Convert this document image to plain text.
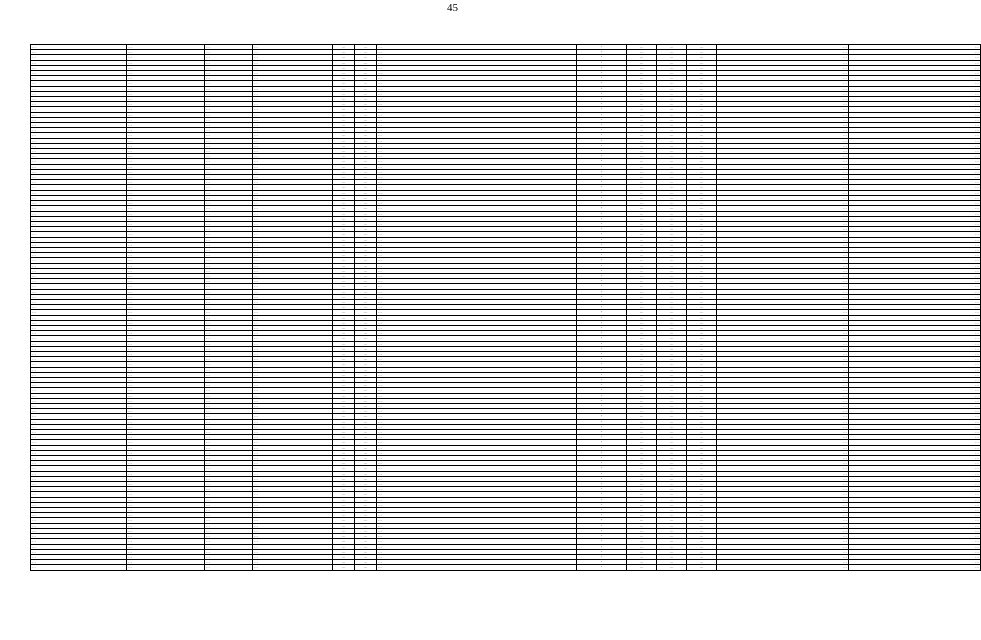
45
…	…	…	…	…	…	…	-	…	…	…	…	…
…	…	…	…	…	…	…	-	…	…	…	…	…
…	…	…	…	…	…	…	-	…	…	…	…	…
…	…	…	…	…	…	…	-	…	…	…	…	…
…	…	…	…	…	…	…	-	…	…	…	…	…
…	…	…	…	…	…	…	-	…	…	…	…	…
…	…	…	…	…	…	…	-	…	…	…	…	…
…	…	…	…	…	…	…	-	…	…	…	…	…
…	…	…	…	…	…	…	-	…	…	…	…	…
…	…	…	…	…	…	…	-	…	…	…	…	…
…	…	…	…	…	…	…	-	…	…	…	…	…
…	…	…	…	…	…	…	-	…	…	…	…	…
…	…	…	…	…	…	…	-	…	…	…	…	…
…	…	…	…	…	…	…	-	…	…	…	…	…
…	…	…	…	…	…	…	-	…	…	…	…	…
…	…	…	…	…	…	…	-	…	…	…	…	…
…	…	…	…	…	…	…	-	…	…	…	…	…
…	…	…	…	…	…	…	-	…	…	…	…	…
…	…	…	…	…	…	…	-	…	…	…	…	…
…	…	…	…	…	…	…	-	…	…	…	…	…
…	…	…	…	…	…	…	-	…	…	…	…	…
…	…	…	…	…	…	…	-	…	…	…	…	…
…	…	…	…	…	…	…	-	…	…	…	…	…
…	…	…	…	…	…	…	-	…	…	…	…	…
…	…	…	…	…	…	…	-	…	…	…	…	…
…	…	…	…	…	…	…	-	…	…	…	…	…
…	…	…	…	…	…	…	-	…	…	…	…	…
…	…	…	…	…	…	…	-	…	…	…	…	…
…	…	…	…	…	…	…	-	…	…	…	…	…
…	…	…	…	…	…	…	-	…	…	…	…	…
…	…	…	…	…	…	…	-	…	…	…	…	…
…	…	…	…	…	…	…	-	…	…	…	…	…
…	…	…	…	…	…	…	-	…	…	…	…	…
…	…	…	…	…	…	…	-	…	…	…	…	…
…	…	…	…	…	…	…	-	…	…	…	…	…
…	…	…	…	…	…	…	-	…	…	…	…	…
…	…	…	…	…	…	…	-	…	…	…	…	…
…	…	…	…	…	…	…	-	…	…	…	…	…
…	…	…	…	…	…	…	-	…	…	…	…	…
…	…	…	…	…	…	…	-	…	…	…	…	…
…	…	…	…	…	…	…	-	…	…	…	…	…
…	…	…	…	…	…	…	-	…	…	…	…	…
…	…	…	…	…	…	…	-	…	…	…	…	…
…	…	…	…	…	…	…	-	…	…	…	…	…
…	…	…	…	…	…	…	-	…	…	…	…	…
…	…	…	…	…	…	…	-	…	…	…	…	…
…	…	…	…	…	…	…	-	…	…	…	…	…
…	…	…	…	…	…	…	-	…	…	…	…	…
…	…	…	…	…	…	…	-	…	…	…	…	…
…	…	…	…	…	…	…	-	…	…	…	…	…
…	…	…	…	…	…	…	-	…	…	…	…	…
…	…	…	…	…	…	…	-	…	…	…	…	…
…	…	…	…	…	…	…	-	…	…	…	…	…
…	…	…	…	…	…	…	-	…	…	…	…	…
…	…	…	…	…	…	…	-	…	…	…	…	…
…	…	…	…	…	…	…	-	…	…	…	…	…
…	…	…	…	…	…	…	-	…	…	…	…	…
…	…	…	…	…	…	…	-	…	…	…	…	…
…	…	…	…	…	…	…	-	…	…	…	…	…
…	…	…	…	…	…	…	-	…	…	…	…	…
…	…	…	…	…	…	…	-	…	…	…	…	…
…	…	…	…	…	…	…	-	…	…	…	…	…
…	…	…	…	…	…	…	-	…	…	…	…	…
…	…	…	…	…	…	…	-	…	…	…	…	…
…	…	…	…	…	…	…	-	…	…	…	…	…
…	…	…	…	…	…	…	-	…	…	…	…	…
…	…	…	…	…	…	…	-	…	…	…	…	…
…	…	…	…	…	…	…	-	…	…	…	…	…
…	…	…	…	…	…	…	-	…	…	…	…	…
…	…	…	…	…	…	…	-	…	…	…	…	…
…	…	…	…	…	…	…	-	…	…	…	…	…
…	…	…	…	…	…	…	-	…	…	…	…	…
…	…	…	…	…	…	…	-	…	…	…	…	…
…	…	…	…	…	…	…	-	…	…	…	…	…
…	…	…	…	…	…	…	-	…	…	…	…	…
…	…	…	…	…	…	…	-	…	…	…	…	…
…	…	…	…	…	…	…	-	…	…	…	…	…
…	…	…	…	…	…	…	-	…	…	…	…	…
…	…	…	…	…	…	…	-	…	…	…	…	…
…	…	…	…	…	…	…	-	…	…	…	…	…
…	…	…	…	…	…	…	-	…	…	…	…	…
…	…	…	…	…	…	…	-	…	…	…	…	…
…	…	…	…	…	…	…	-	…	…	…	…	…
…	…	…	…	…	…	…	-	…	…	…	…	…
…	…	…	…	…	…	…	-	…	…	…	…	…
…	…	…	…	…	…	…	-	…	…	…	…	…
…	…	…	…	…	…	…	-	…	…	…	…	…
…	…	…	…	…	…	…	-	…	…	…	…	…
…	…	…	…	…	…	…	-	…	…	…	…	…
…	…	…	…	…	…	…	-	…	…	…	…	…
…	…	…	…	…	…	…	-	…	…	…	…	…
…	…	…	…	…	…	…	-	…	…	…	…	…
…	…	…	…	…	…	…	-	…	…	…	…	…
…	…	…	…	…	…	…	-	…	…	…	…	…
…	…	…	…	…	…	…	-	…	…	…	…	…
…	…	…	…	…	…	…	-	…	…	…	…	…
…	…	…	…	…	…	…	-	…	…	…	…	…
…	…	…	…	…	…	…	-	…	…	…	…	…
…	…	…	…	…	…	…	-	…	…	…	…	…
…	…	…	…	…	…	…	-	…	…	…	…	…
…	…	…	…	…	…	…	-	…	…	…	…	…
